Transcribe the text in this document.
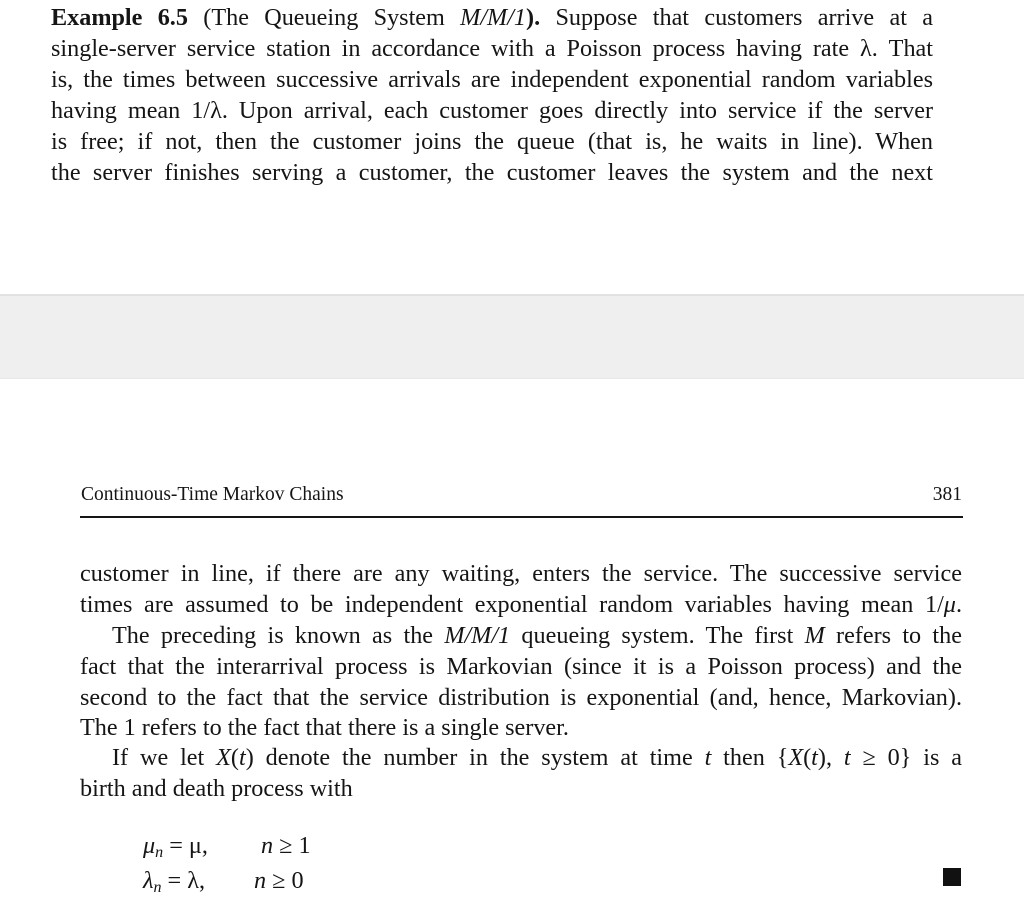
Example 6.5 (The Queueing System M/M/1). Suppose that customers arrive at a
single-server service station in accordance with a Poisson process having rate λ. That
is, the times between successive arrivals are independent exponential random variables
having mean 1/λ. Upon arrival, each customer goes directly into service if the server
is free; if not, then the customer joins the queue (that is, he waits in line). When
the server finishes serving a customer, the customer leaves the system and the next
Continuous-Time Markov Chains	381
customer in line, if there are any waiting, enters the service. The successive service
times are assumed to be independent exponential random variables having mean 1/μ.
The preceding is known as the M/M/1 queueing system. The first M refers to the
fact that the interarrival process is Markovian (since it is a Poisson process) and the
second to the fact that the service distribution is exponential (and, hence, Markovian).
The 1 refers to the fact that there is a single server.
If we let X(t) denote the number in the system at time t then {X(t), t ≥ 0} is a
birth and death process with
$\mu_n = \mu$, n ≥ 1
$\lambda_n = \lambda$, n ≥ 0
